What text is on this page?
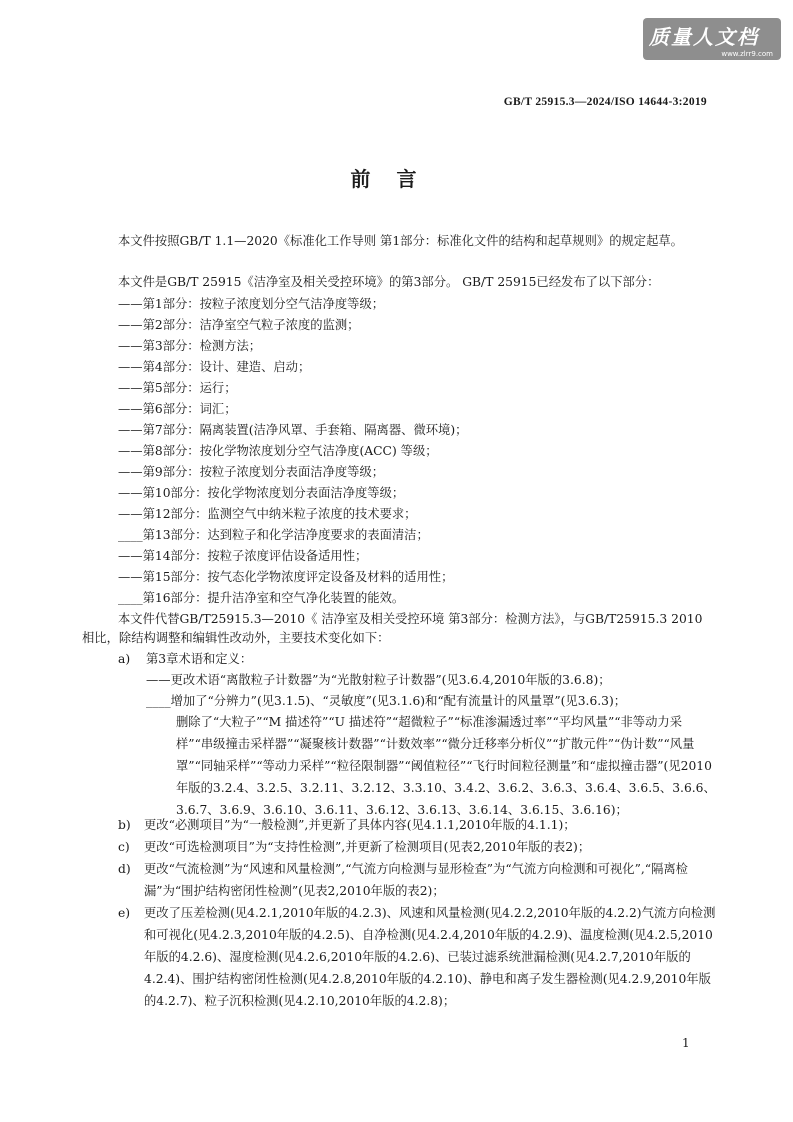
质量人文档
www.zlrr9.com
GB/T 25915.3—2024/ISO 14644-3:2019
前言
本文件按照GB/T 1.1—2020《标准化工作导则 第1部分：标准化文件的结构和起草规则》的规定起草。
本文件是GB/T 25915《洁净室及相关受控环境》的第3部分。 GB/T 25915已经发布了以下部分：
——第1部分：按粒子浓度划分空气洁净度等级；
——第2部分：洁净室空气粒子浓度的监测；
——第3部分：检测方法；
——第4部分：设计、建造、启动；
——第5部分：运行；
——第6部分：词汇；
——第7部分：隔离装置(洁净风罩、手套箱、隔离器、微环境)；
——第8部分：按化学物浓度划分空气洁净度(ACC) 等级；
——第9部分：按粒子浓度划分表面洁净度等级；
——第10部分：按化学物浓度划分表面洁净度等级；
——第12部分：监测空气中纳米粒子浓度的技术要求；
____第13部分：达到粒子和化学洁净度要求的表面清洁；
——第14部分：按粒子浓度评估设备适用性；
——第15部分：按气态化学物浓度评定设备及材料的适用性；
____第16部分：提升洁净室和空气净化装置的能效。
本文件代替GB/T25915.3—2010《 洁净室及相关受控环境 第3部分：检测方法》，与GB/T25915.3 2010相比，除结构调整和编辑性改动外，主要技术变化如下：
a) 第3章术语和定义：
——更改术语“离散粒子计数器”为“光散射粒子计数器”(见3.6.4,2010年版的3.6.8)；
____增加了“分辨力”(见3.1.5)、“灵敏度”(见3.1.6)和“配有流量计的风量罩”(见3.6.3)；
删除了“大粒子”“M 描述符”“U 描述符”“超微粒子”“标准渗漏透过率”“平均风量”“非等动力采样”“串级撞击采样器”“凝聚核计数器”“计数效率”“微分迁移率分析仪”“扩散元件”“伪计数”“风量罩”“同轴采样”“等动力采样”“粒径限制器”“阈值粒径”“飞行时间粒径测量”和“虚拟撞击器”(见2010年版的3.2.4、3.2.5、3.2.11、3.2.12、3.3.10、3.4.2、3.6.2、3.6.3、3.6.4、3.6.5、3.6.6、3.6.7、3.6.9、3.6.10、3.6.11、3.6.12、3.6.13、3.6.14、3.6.15、3.6.16)；
b) 更改“必测项目”为“一般检测”,并更新了具体内容(见4.1.1,2010年版的4.1.1)；
c) 更改“可选检测项目”为“支持性检测”,并更新了检测项目(见表2,2010年版的表2)；
d) 更改“气流检测”为“风速和风量检测”,“气流方向检测与显形检查”为“气流方向检测和可视化”,“隔离检漏”为“围护结构密闭性检测”(见表2,2010年版的表2)；
e) 更改了压差检测(见4.2.1,2010年版的4.2.3)、风速和风量检测(见4.2.2,2010年版的4.2.2)气流方向检测和可视化(见4.2.3,2010年版的4.2.5)、自净检测(见4.2.4,2010年版的4.2.9)、温度检测(见4.2.5,2010年版的4.2.6)、湿度检测(见4.2.6,2010年版的4.2.6)、已装过滤系统泄漏检测(见4.2.7,2010年版的4.2.4)、围护结构密闭性检测(见4.2.8,2010年版的4.2.10)、静电和离子发生器检测(见4.2.9,2010年版的4.2.7)、粒子沉积检测(见4.2.10,2010年版的4.2.8)；
1
